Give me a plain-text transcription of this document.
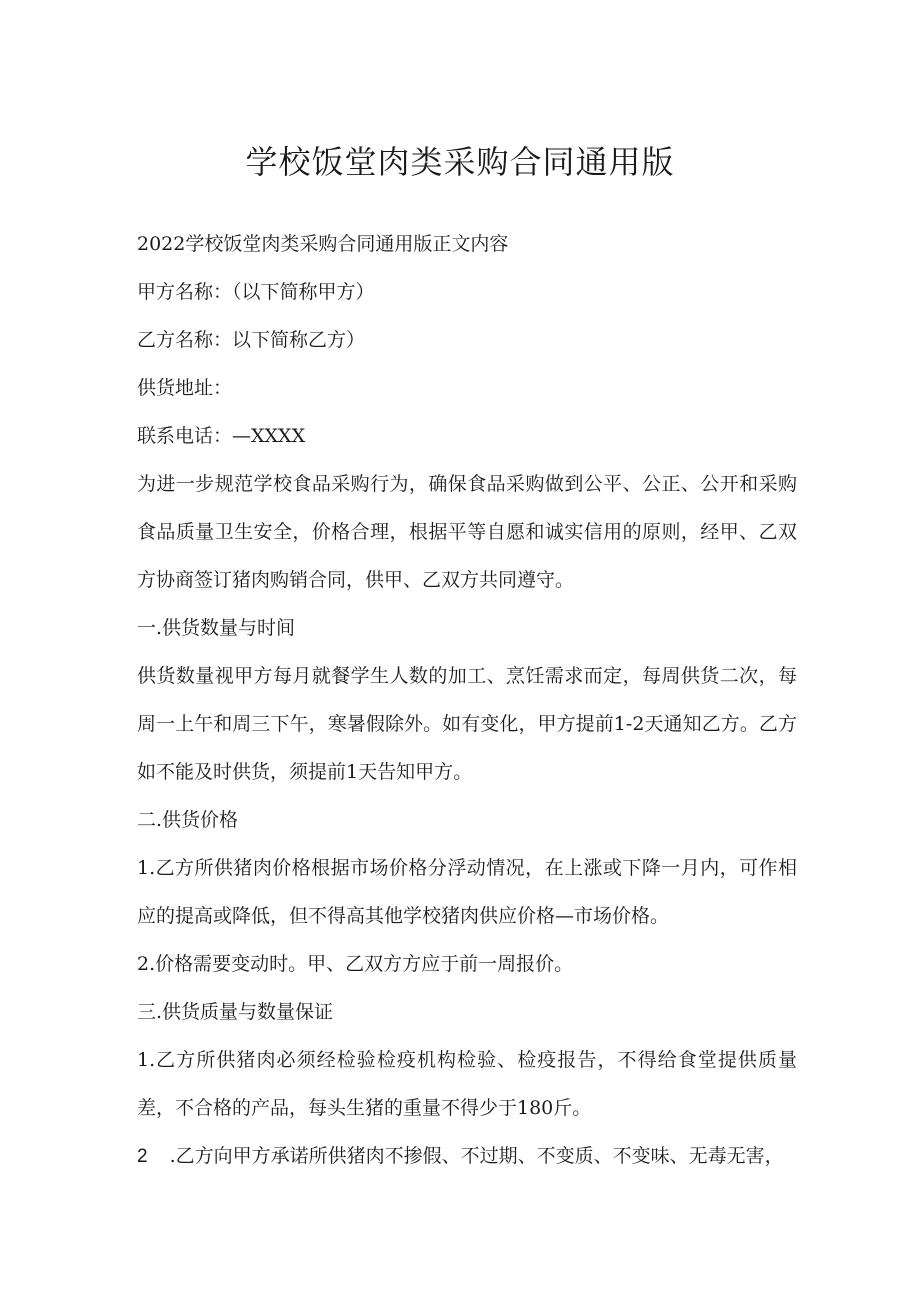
学校饭堂肉类采购合同通用版

2022学校饭堂肉类采购合同通用版正文内容

甲方名称：（以下简称甲方）

乙方名称：以下简称乙方）

供货地址：

联系电话：—XXXX

为进一步规范学校食品采购行为，确保食品采购做到公平、公正、公开和采购食品质量卫生安全，价格合理，根据平等自愿和诚实信用的原则，经甲、乙双方协商签订猪肉购销合同，供甲、乙双方共同遵守。

一.供货数量与时间

供货数量视甲方每月就餐学生人数的加工、烹饪需求而定，每周供货二次，每周一上午和周三下午，寒暑假除外。如有变化，甲方提前1-2天通知乙方。乙方如不能及时供货，须提前1天告知甲方。

二.供货价格

1.乙方所供猪肉价格根据市场价格分浮动情况，在上涨或下降一月内，可作相应的提高或降低，但不得高其他学校猪肉供应价格—市场价格。

2.价格需要变动时。甲、乙双方方应于前一周报价。

三.供货质量与数量保证

1.乙方所供猪肉必须经检验检疫机构检验、检疫报告，不得给食堂提供质量差，不合格的产品，每头生猪的重量不得少于180斤。

2 .乙方向甲方承诺所供猪肉不掺假、不过期、不变质、不变味、无毒无害，
